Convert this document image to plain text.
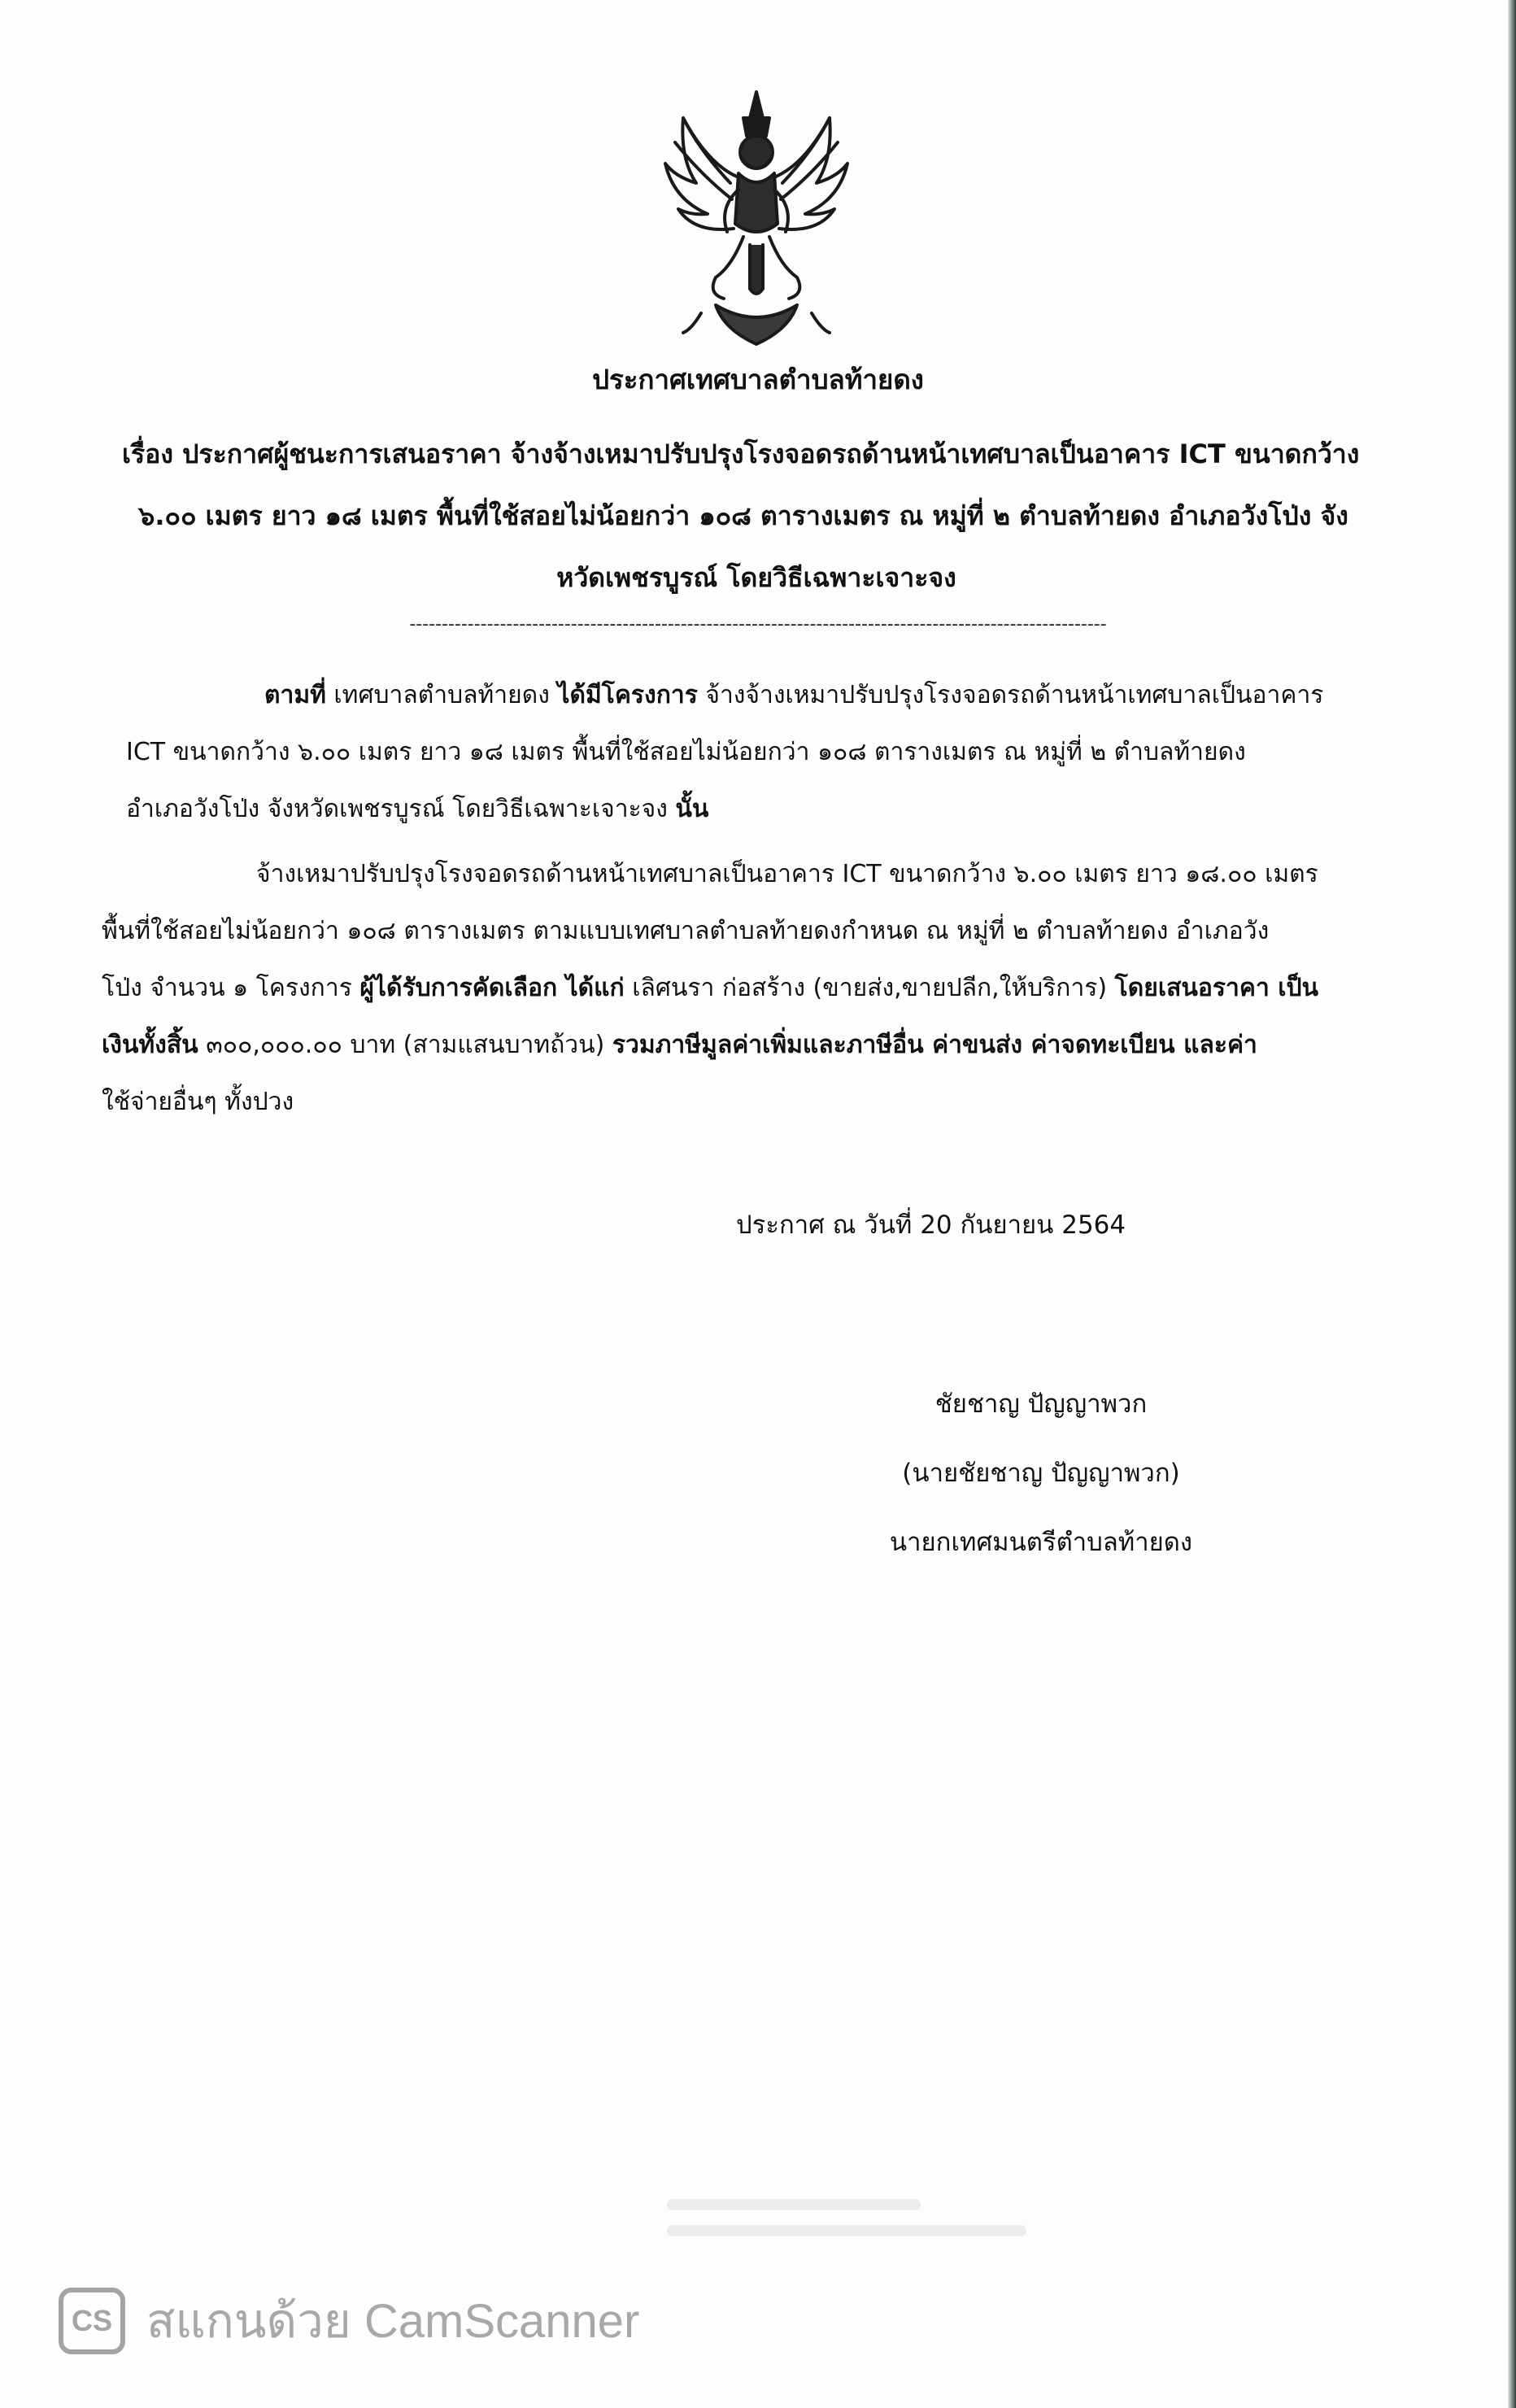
ประกาศเทศบาลตำบลท้ายดง
เรื่อง ประกาศผู้ชนะการเสนอราคา จ้างจ้างเหมาปรับปรุงโรงจอดรถด้านหน้าเทศบาลเป็นอาคาร ICT ขนาดกว้าง
๖.๐๐ เมตร ยาว ๑๘ เมตร พื้นที่ใช้สอยไม่น้อยกว่า ๑๐๘ ตารางเมตร ณ หมู่ที่ ๒ ตำบลท้ายดง อำเภอวังโป่ง จัง
หวัดเพชรบูรณ์ โดยวิธีเฉพาะเจาะจง
------------------------------------------------------------------------------------------------------------
ตามที่ เทศบาลตำบลท้ายดง ได้มีโครงการ จ้างจ้างเหมาปรับปรุงโรงจอดรถด้านหน้าเทศบาลเป็นอาคาร
ICT ขนาดกว้าง ๖.๐๐ เมตร ยาว ๑๘ เมตร พื้นที่ใช้สอยไม่น้อยกว่า ๑๐๘ ตารางเมตร ณ หมู่ที่ ๒ ตำบลท้ายดง
อำเภอวังโป่ง จังหวัดเพชรบูรณ์ โดยวิธีเฉพาะเจาะจง นั้น
จ้างเหมาปรับปรุงโรงจอดรถด้านหน้าเทศบาลเป็นอาคาร ICT ขนาดกว้าง ๖.๐๐ เมตร ยาว ๑๘.๐๐ เมตร
พื้นที่ใช้สอยไม่น้อยกว่า ๑๐๘ ตารางเมตร ตามแบบเทศบาลตำบลท้ายดงกำหนด ณ หมู่ที่ ๒ ตำบลท้ายดง อำเภอวัง
โป่ง จำนวน ๑ โครงการ ผู้ได้รับการคัดเลือก ได้แก่ เลิศนรา ก่อสร้าง (ขายส่ง,ขายปลีก,ให้บริการ) โดยเสนอราคา เป็น
เงินทั้งสิ้น ๓๐๐,๐๐๐.๐๐ บาท (สามแสนบาทถ้วน) รวมภาษีมูลค่าเพิ่มและภาษีอื่น ค่าขนส่ง ค่าจดทะเบียน และค่า
ใช้จ่ายอื่นๆ ทั้งปวง
ประกาศ ณ วันที่ 20 กันยายน 2564
ชัยชาญ ปัญญาพวก
(นายชัยชาญ ปัญญาพวก)
นายกเทศมนตรีตำบลท้ายดง
CS สแกนด้วย CamScanner
